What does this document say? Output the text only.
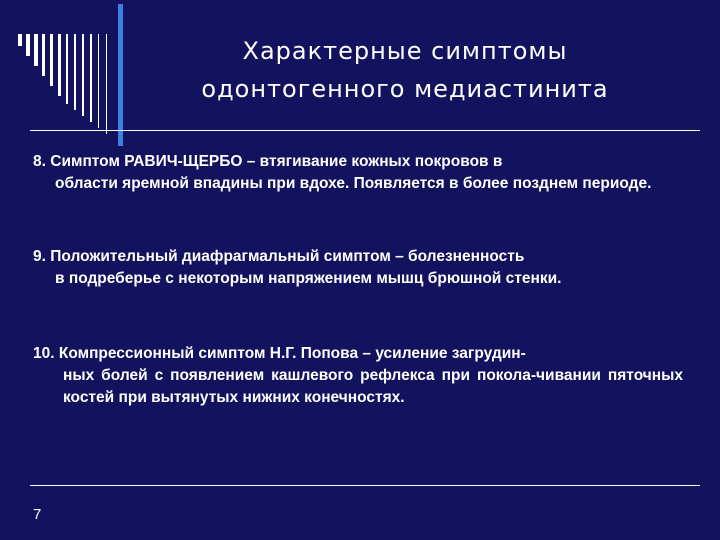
Характерные симптомы
одонтогенного медиастинита

8. Симптом РАВИЧ-ЩЕРБО – втягивание кожных покровов в
области яремной впадины при вдохе. Появляется в более позднем периоде.

9. Положительный диафрагмальный симптом – болезненность
в подреберье с некоторым напряжением мышц брюшной стенки.

10. Компрессионный симптом Н.Г. Попова – усиление загрудин-
ных болей с появлением кашлевого рефлекса при покола-чивании пяточных костей при вытянутых нижних конечностях.

7
